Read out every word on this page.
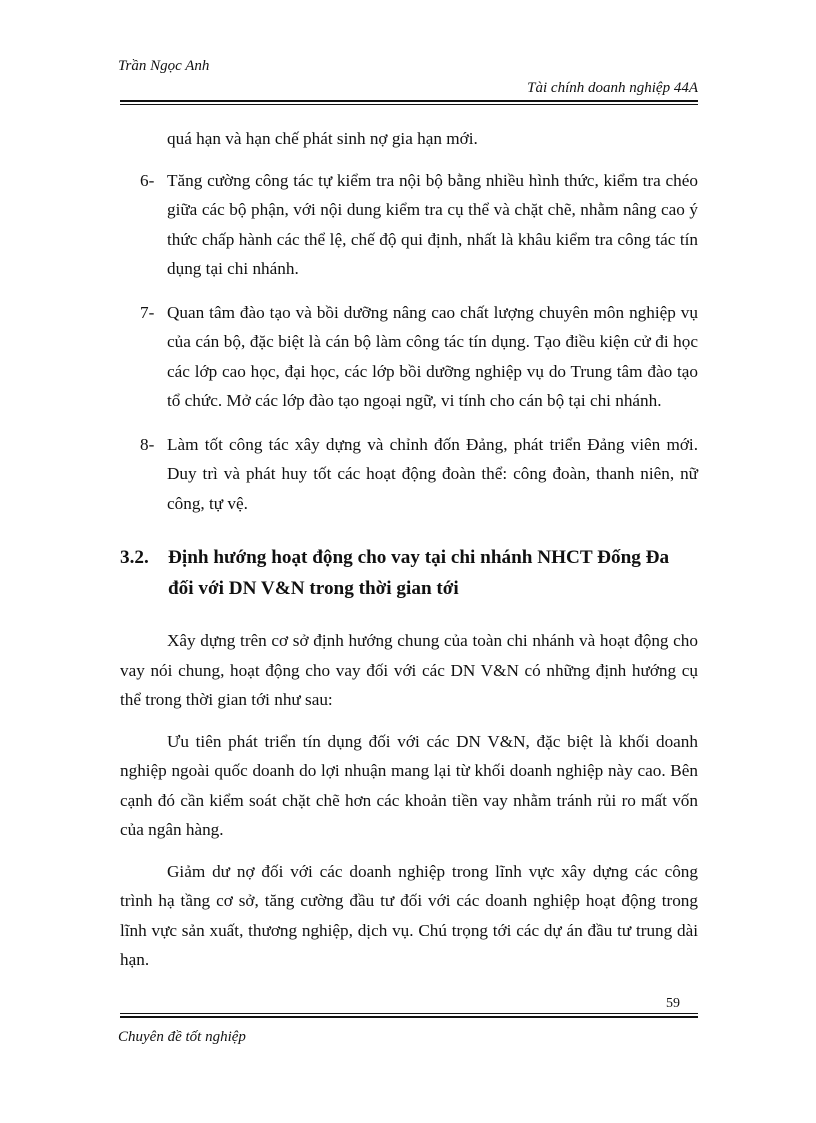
Trần Ngọc Anh
Tài chính doanh nghiệp 44A

quá hạn và hạn chế phát sinh nợ gia hạn mới.

6- Tăng cường công tác tự kiểm tra nội bộ bằng nhiều hình thức, kiểm tra chéo giữa các bộ phận, với nội dung kiểm tra cụ thể và chặt chẽ, nhằm nâng cao ý thức chấp hành các thể lệ, chế độ qui định, nhất là khâu kiểm tra công tác tín dụng tại chi nhánh.
7- Quan tâm đào tạo và bồi dưỡng nâng cao chất lượng chuyên môn nghiệp vụ của cán bộ, đặc biệt là cán bộ làm công tác tín dụng. Tạo điều kiện cử đi học các lớp cao học, đại học, các lớp bồi dưỡng nghiệp vụ do Trung tâm đào tạo tổ chức. Mở các lớp đào tạo ngoại ngữ, vi tính cho cán bộ tại chi nhánh.
8- Làm tốt công tác xây dựng và chỉnh đốn Đảng, phát triển Đảng viên mới. Duy trì và phát huy tốt các hoạt động đoàn thể: công đoàn, thanh niên, nữ công, tự vệ.
3.2.	Định hướng hoạt động cho vay tại chi nhánh NHCT Đống Đa đối với DN V&N trong thời gian tới

Xây dựng trên cơ sở định hướng chung của toàn chi nhánh và hoạt động cho vay nói chung, hoạt động cho vay đối với các DN V&N có những định hướng cụ thể trong thời gian tới như sau:

Ưu tiên phát triển tín dụng đối với các DN V&N, đặc biệt là khối doanh nghiệp ngoài quốc doanh do lợi nhuận mang lại từ khối doanh nghiệp này cao. Bên cạnh đó cần kiểm soát chặt chẽ hơn các khoản tiền vay nhằm tránh rủi ro mất vốn của ngân hàng.

Giảm dư nợ đối với các doanh nghiệp trong lĩnh vực xây dựng các công trình hạ tầng cơ sở, tăng cường đầu tư đối với các doanh nghiệp hoạt động trong lĩnh vực sản xuất, thương nghiệp, dịch vụ. Chú trọng tới các dự án đầu tư trung dài hạn.

59
Chuyên đề tốt nghiệp
